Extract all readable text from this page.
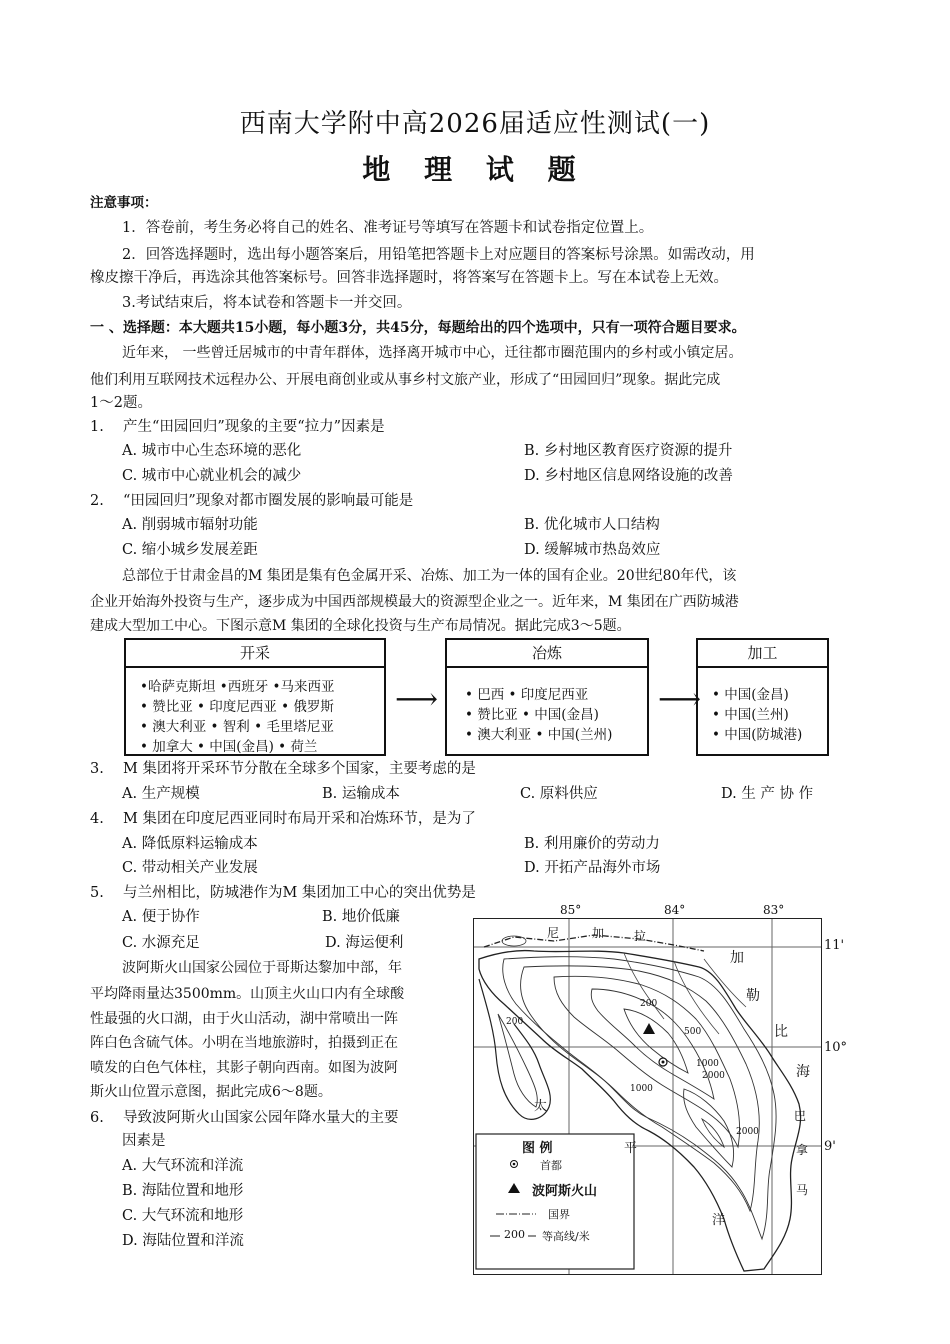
西南大学附中高2026届适应性测试(一)
地 理 试 题
注意事项：
1．答卷前，考生务必将自己的姓名、准考证号等填写在答题卡和试卷指定位置上。
2．回答选择题时，选出每小题答案后，用铅笔把答题卡上对应题目的答案标号涂黑。如需改动，用
橡皮擦干净后，再选涂其他答案标号。回答非选择题时，将答案写在答题卡上。写在本试卷上无效。
3.考试结束后，将本试卷和答题卡一并交回。
一 、选择题：本大题共15小题，每小题3分，共45分，每题给出的四个选项中，只有一项符合题目要求。
近年来， 一些曾迁居城市的中青年群体，选择离开城市中心，迁往都市圈范围内的乡村或小镇定居。
他们利用互联网技术远程办公、开展电商创业或从事乡村文旅产业，形成了“田园回归”现象。据此完成
1～2题。
1.　 产生“田园回归”现象的主要“拉力”因素是
A. 城市中心生态环境的恶化	B. 乡村地区教育医疗资源的提升
C. 城市中心就业机会的减少	D. 乡村地区信息网络设施的改善
2.　 “田园回归”现象对都市圈发展的影响最可能是
A. 削弱城市辐射功能	B. 优化城市人口结构
C. 缩小城乡发展差距	D. 缓解城市热岛效应
总部位于甘肃金昌的M 集团是集有色金属开采、冶炼、加工为一体的国有企业。20世纪80年代，该
企业开始海外投资与生产，逐步成为中国西部规模最大的资源型企业之一。近年来，M 集团在广西防城港
建成大型加工中心。下图示意M 集团的全球化投资与生产布局情况。据此完成3～5题。
开采
•哈萨克斯坦 •西班牙 •马来西亚
• 赞比亚 • 印度尼西亚 • 俄罗斯
• 澳大利亚 • 智利 • 毛里塔尼亚
• 加拿大 • 中国(金昌) • 荷兰
⟶
冶炼
• 巴西 • 印度尼西亚
• 赞比亚 • 中国(金昌)
• 澳大利亚 • 中国(兰州)
⟶
加工
• 中国(金昌)
• 中国(兰州)
• 中国(防城港)
3.　 M 集团将开采环节分散在全球多个国家，主要考虑的是
A. 生产规模	B. 运输成本	C. 原料供应	D. 生 产 协 作
4.　 M 集团在印度尼西亚同时布局开采和冶炼环节，是为了
A. 降低原料运输成本	B. 利用廉价的劳动力
C. 带动相关产业发展	D. 开拓产品海外市场
5.　 与兰州相比，防城港作为M 集团加工中心的突出优势是
A. 便于协作	B. 地价低廉
C. 水源充足	D. 海运便利
波阿斯火山国家公园位于哥斯达黎加中部，年
平均降雨量达3500mm。山顶主火山口内有全球酸
性最强的火口湖，由于火山活动，湖中常喷出一阵
阵白色含硫气体。小明在当地旅游时，拍摄到正在
喷发的白色气体柱，其影子朝向西南。如图为波阿
斯火山位置示意图，据此完成6～8题。
6.　 导致波阿斯火山国家公园年降水量大的主要
因素是
A. 大气环流和洋流
B. 海陆位置和地形
C. 大气环流和地形
D. 海陆位置和洋流
85°	84°	83°
11'
10°
9'
尼	加 拉
加
勒
比
海
巴
拿
马
太
平
洋
200
200
500
1000
2000
1000
2000
图 例
首都
波阿斯火山
国界
200 等高线/米
